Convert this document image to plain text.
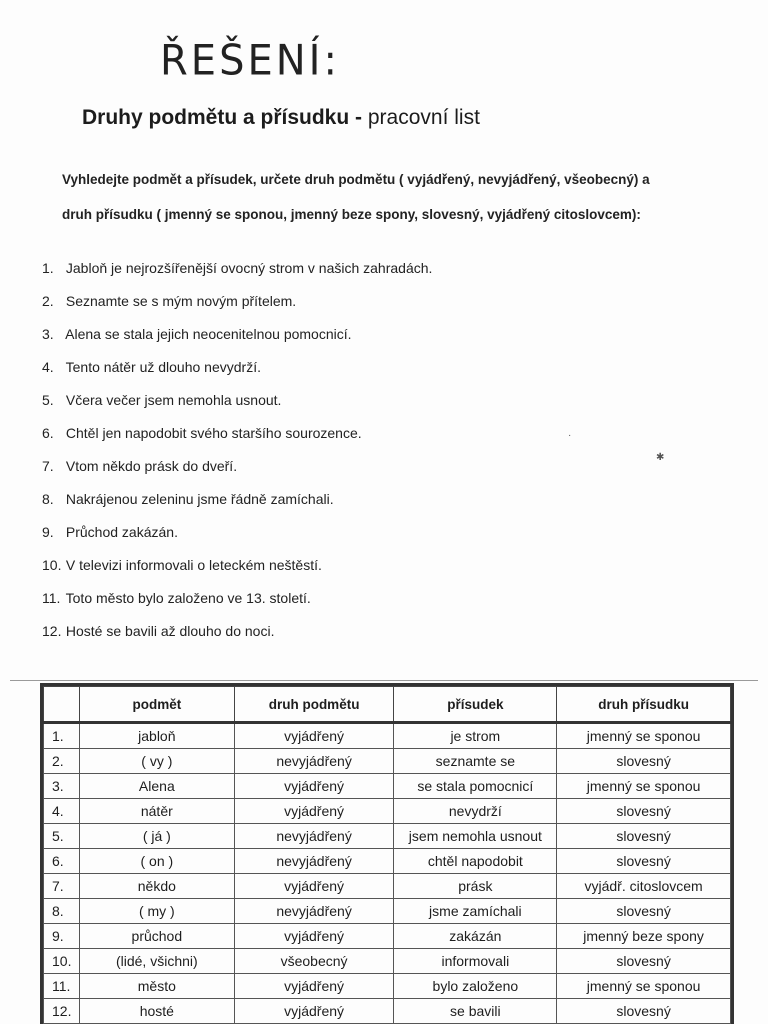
ŘEŠENÍ:
Druhy podmětu a přísudku - pracovní list
Vyhledejte podmět a přísudek, určete druh podmětu ( vyjádřený, nevyjádřený, všeobecný) a druh přísudku ( jmenný se sponou, jmenný beze spony, slovesný, vyjádřený citoslovcem):
1. Jabloň je nejrozšířenější ovocný strom v našich zahradách.
2. Seznamte se s mým novým přítelem.
3. Alena se stala jejich neocenitelnou pomocnicí.
4. Tento nátěr už dlouho nevydrží.
5. Včera večer jsem nemohla usnout.
6. Chtěl jen napodobit svého staršího sourozence.
7. Vtom někdo prásk do dveří.
8. Nakrájenou zeleninu jsme řádně zamíchali.
9. Průchod zakázán.
10. V televizi informovali o leteckém neštěstí.
11. Toto město bylo založeno ve 13. století.
12. Hosté se bavili až dlouho do noci.
✱
·
	podmět	druh podmětu	přísudek	druh přísudku
1.	jabloň	vyjádřený	je strom	jmenný se sponou
2.	( vy )	nevyjádřený	seznamte se	slovesný
3.	Alena	vyjádřený	se stala pomocnicí	jmenný se sponou
4.	nátěr	vyjádřený	nevydrží	slovesný
5.	( já )	nevyjádřený	jsem nemohla usnout	slovesný
6.	( on )	nevyjádřený	chtěl napodobit	slovesný
7.	někdo	vyjádřený	prásk	vyjádř. citoslovcem
8.	( my )	nevyjádřený	jsme zamíchali	slovesný
9.	průchod	vyjádřený	zakázán	jmenný beze spony
10.	(lidé, všichni)	všeobecný	informovali	slovesný
11.	město	vyjádřený	bylo založeno	jmenný se sponou
12.	hosté	vyjádřený	se bavili	slovesný
